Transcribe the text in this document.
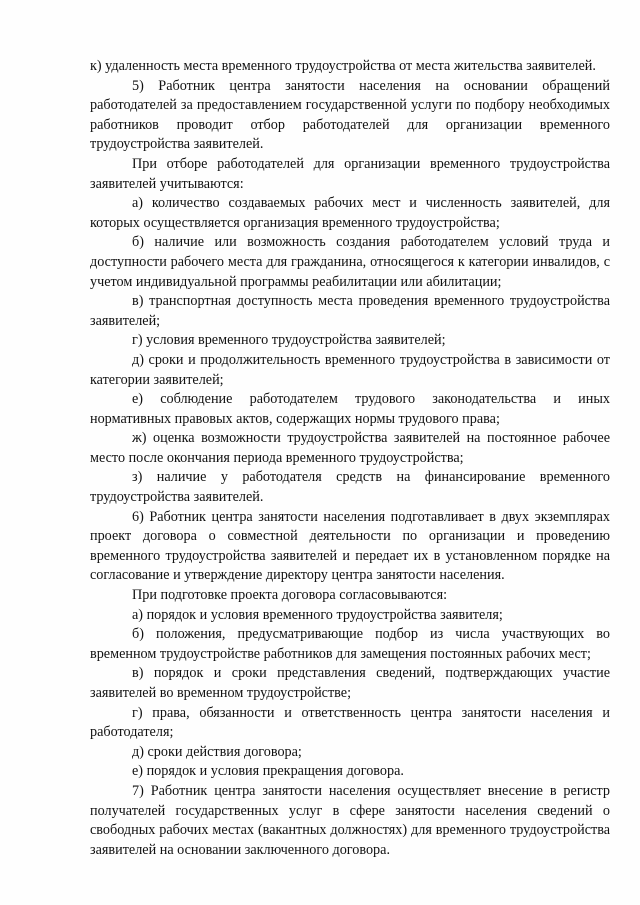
к) удаленность места временного трудоустройства от места жительства заявителей.

5) Работник центра занятости населения на основании обращений работодателей за предоставлением государственной услуги по подбору необходимых работников проводит отбор работодателей для организации временного трудоустройства заявителей.

При отборе работодателей для организации временного трудоустройства заявителей учитываются:

а) количество создаваемых рабочих мест и численность заявителей, для которых осуществляется организация временного трудоустройства;

б) наличие или возможность создания работодателем условий труда и доступности рабочего места для гражданина, относящегося к категории инвалидов, с учетом индивидуальной программы реабилитации или абилитации;

в) транспортная доступность места проведения временного трудоустройства заявителей;

г) условия временного трудоустройства заявителей;

д) сроки и продолжительность временного трудоустройства в зависимости от категории заявителей;

е) соблюдение работодателем трудового законодательства и иных нормативных правовых актов, содержащих нормы трудового права;

ж) оценка возможности трудоустройства заявителей на постоянное рабочее место после окончания периода временного трудоустройства;

з) наличие у работодателя средств на финансирование временного трудоустройства заявителей.

6) Работник центра занятости населения подготавливает в двух экземплярах проект договора о совместной деятельности по организации и проведению временного трудоустройства заявителей и передает их в установленном порядке на согласование и утверждение директору центра занятости населения.

При подготовке проекта договора согласовываются:

а) порядок и условия временного трудоустройства заявителя;

б) положения, предусматривающие подбор из числа участвующих во временном трудоустройстве работников для замещения постоянных рабочих мест;

в) порядок и сроки представления сведений, подтверждающих участие заявителей во временном трудоустройстве;

г) права, обязанности и ответственность центра занятости населения и работодателя;

д) сроки действия договора;

е) порядок и условия прекращения договора.

7) Работник центра занятости населения осуществляет внесение в регистр получателей государственных услуг в сфере занятости населения сведений о свободных рабочих местах (вакантных должностях) для временного трудоустройства заявителей на основании заключенного договора.
